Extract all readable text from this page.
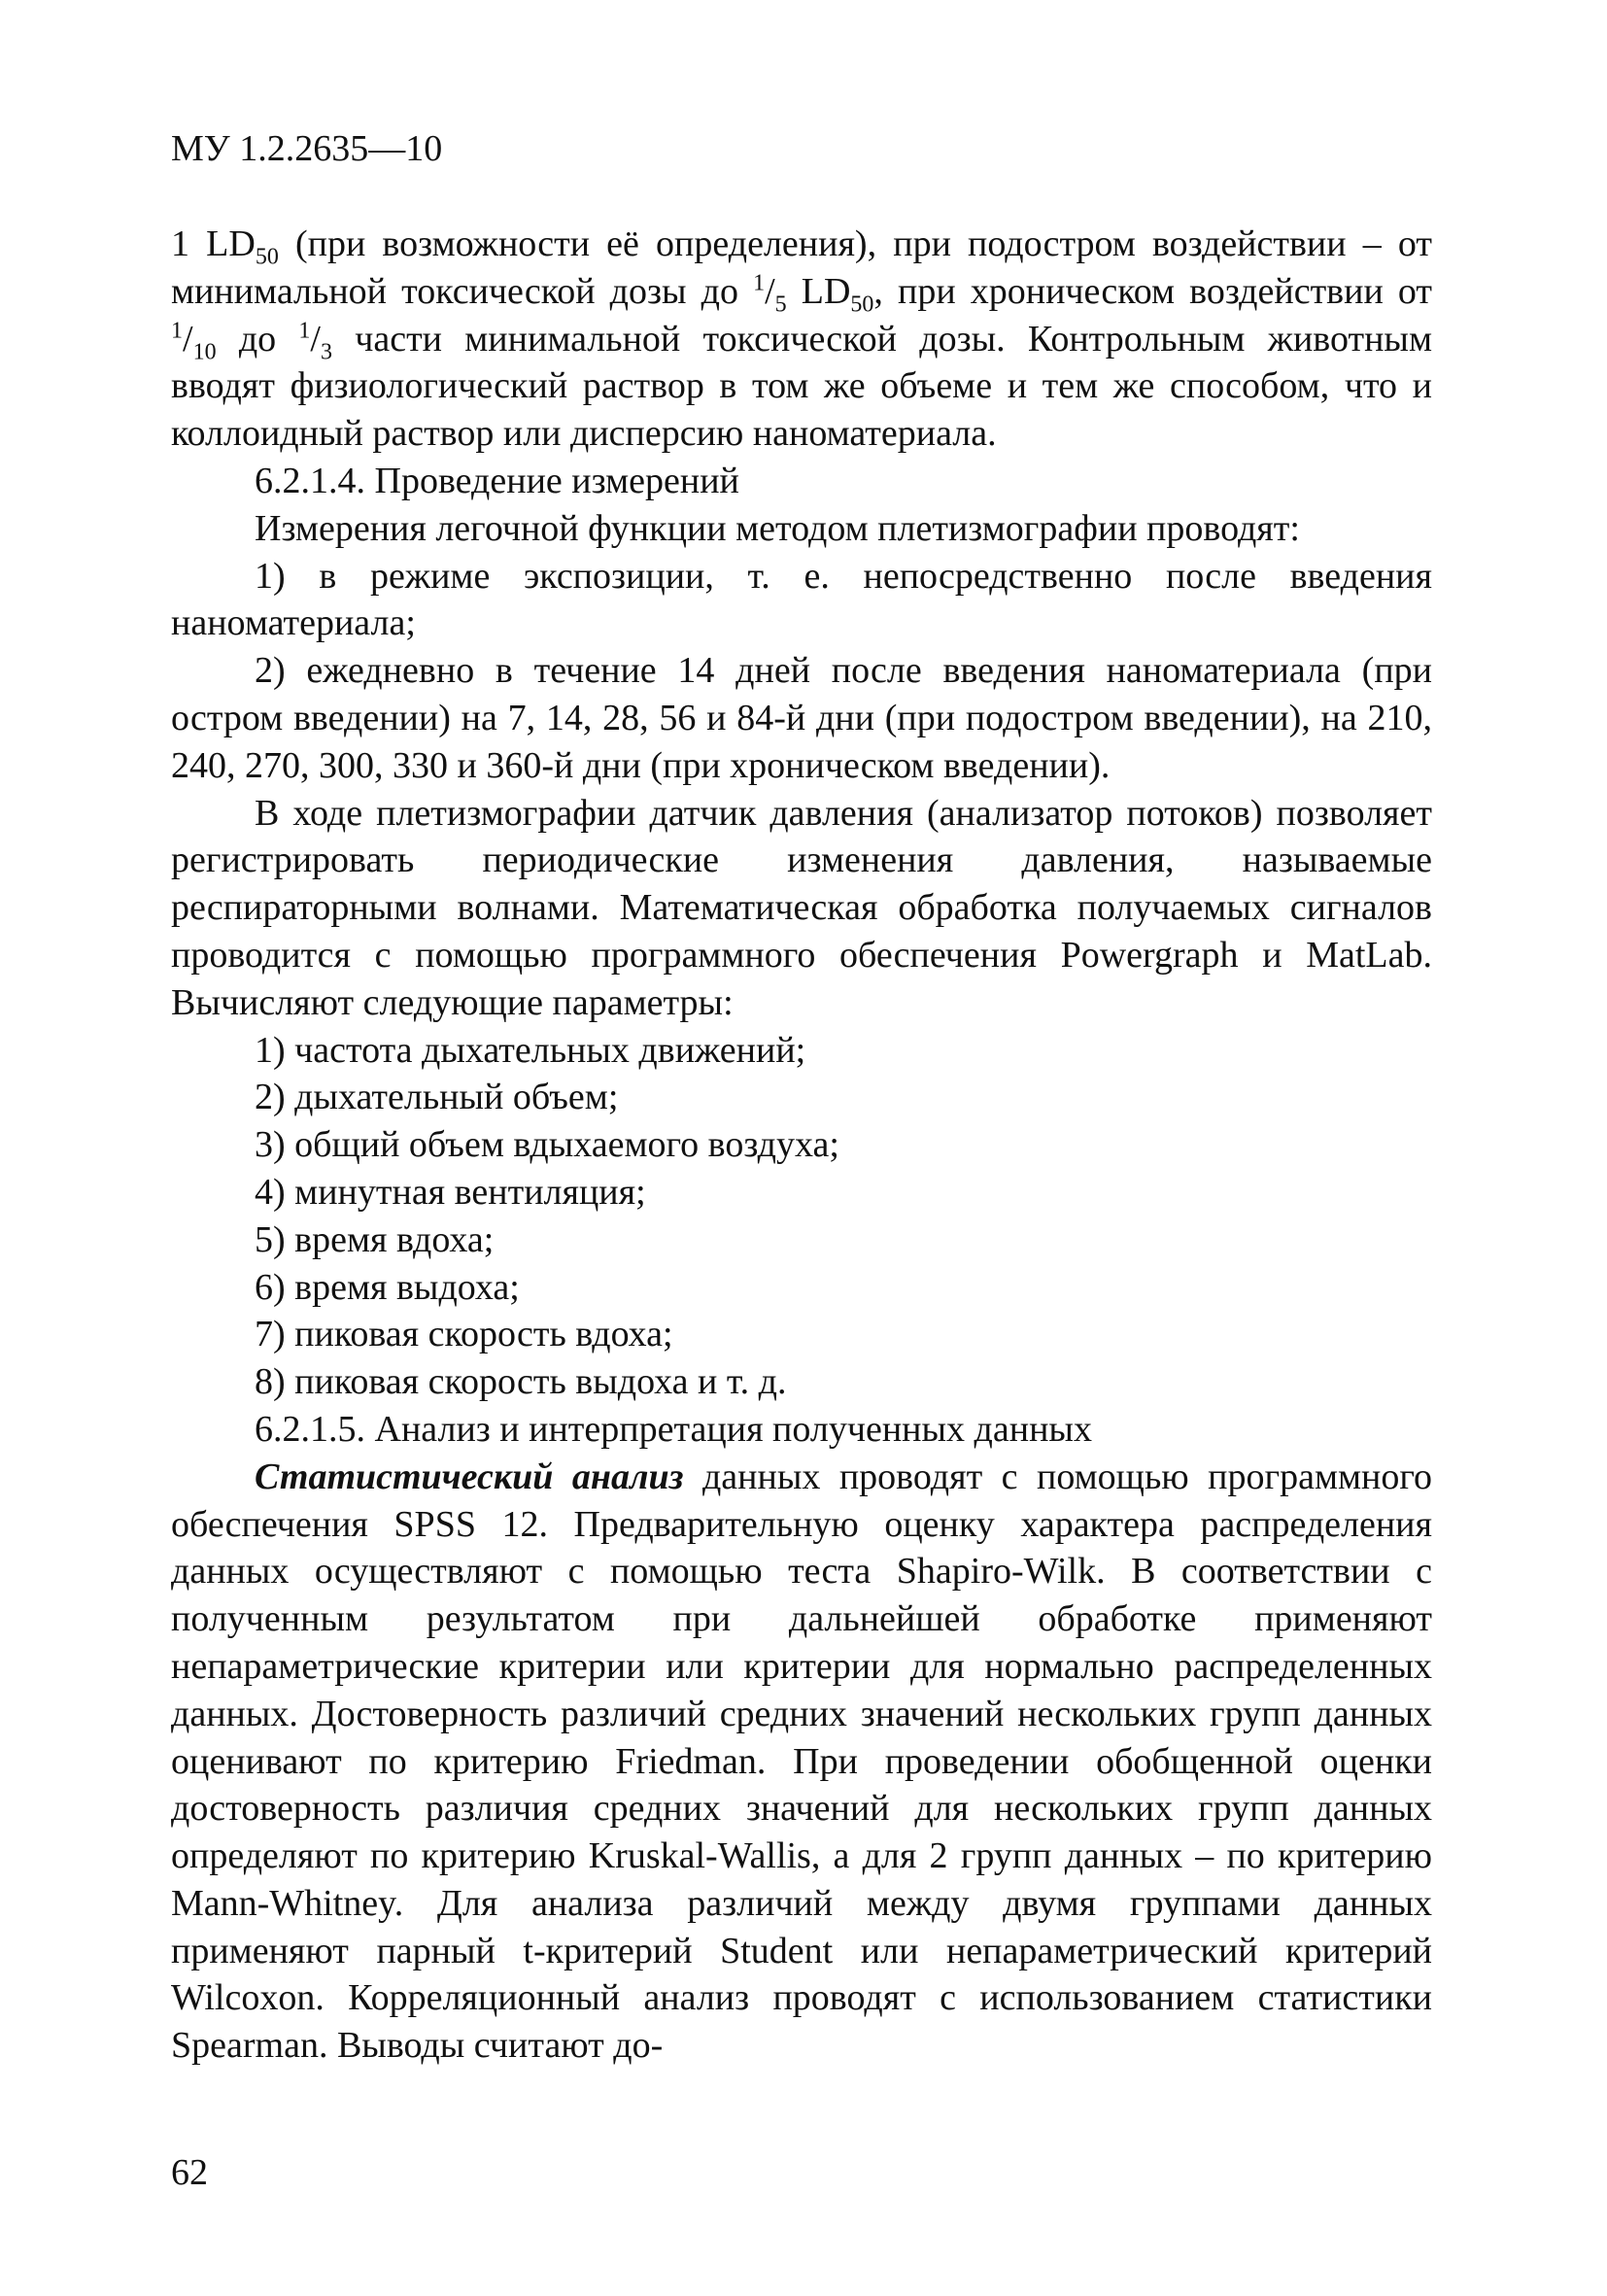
МУ 1.2.2635—10

1 $LD_{50}$ (при возможности её определения), при подостром воздействии – от минимальной токсической дозы до $^1/_5$ $LD_{50}$, при хроническом воздействии от $^1/_{10}$ до $^1/_3$ части минимальной токсической дозы. Контрольным животным вводят физиологический раствор в том же объеме и тем же способом, что и коллоидный раствор или дисперсию наноматериала.

6.2.1.4. Проведение измерений

Измерения легочной функции методом плетизмографии проводят:

1) в режиме экспозиции, т. е. непосредственно после введения наноматериала;

2) ежедневно в течение 14 дней после введения наноматериала (при остром введении) на 7, 14, 28, 56 и 84-й дни (при подостром введении), на 210, 240, 270, 300, 330 и 360-й дни (при хроническом введении).

В ходе плетизмографии датчик давления (анализатор потоков) позволяет регистрировать периодические изменения давления, называемые респираторными волнами. Математическая обработка получаемых сигналов проводится с помощью программного обеспечения Powergraph и MatLab. Вычисляют следующие параметры:

1) частота дыхательных движений;

2) дыхательный объем;

3) общий объем вдыхаемого воздуха;

4) минутная вентиляция;

5) время вдоха;

6) время выдоха;

7) пиковая скорость вдоха;

8) пиковая скорость выдоха и т. д.

6.2.1.5. Анализ и интерпретация полученных данных

Статистический анализ данных проводят с помощью программного обеспечения SPSS 12. Предварительную оценку характера распределения данных осуществляют с помощью теста Shapiro-Wilk. В соответствии с полученным результатом при дальнейшей обработке применяют непараметрические критерии или критерии для нормально распределенных данных. Достоверность различий средних значений нескольких групп данных оценивают по критерию Friedman. При проведении обобщенной оценки достоверность различия средних значений для нескольких групп данных определяют по критерию Kruskal-Wallis, а для 2 групп данных – по критерию Mann-Whitney. Для анализа различий между двумя группами данных применяют парный t-критерий Student или непараметрический критерий Wilcoxon. Корреляционный анализ проводят с использованием статистики Spearman. Выводы считают до-

62
